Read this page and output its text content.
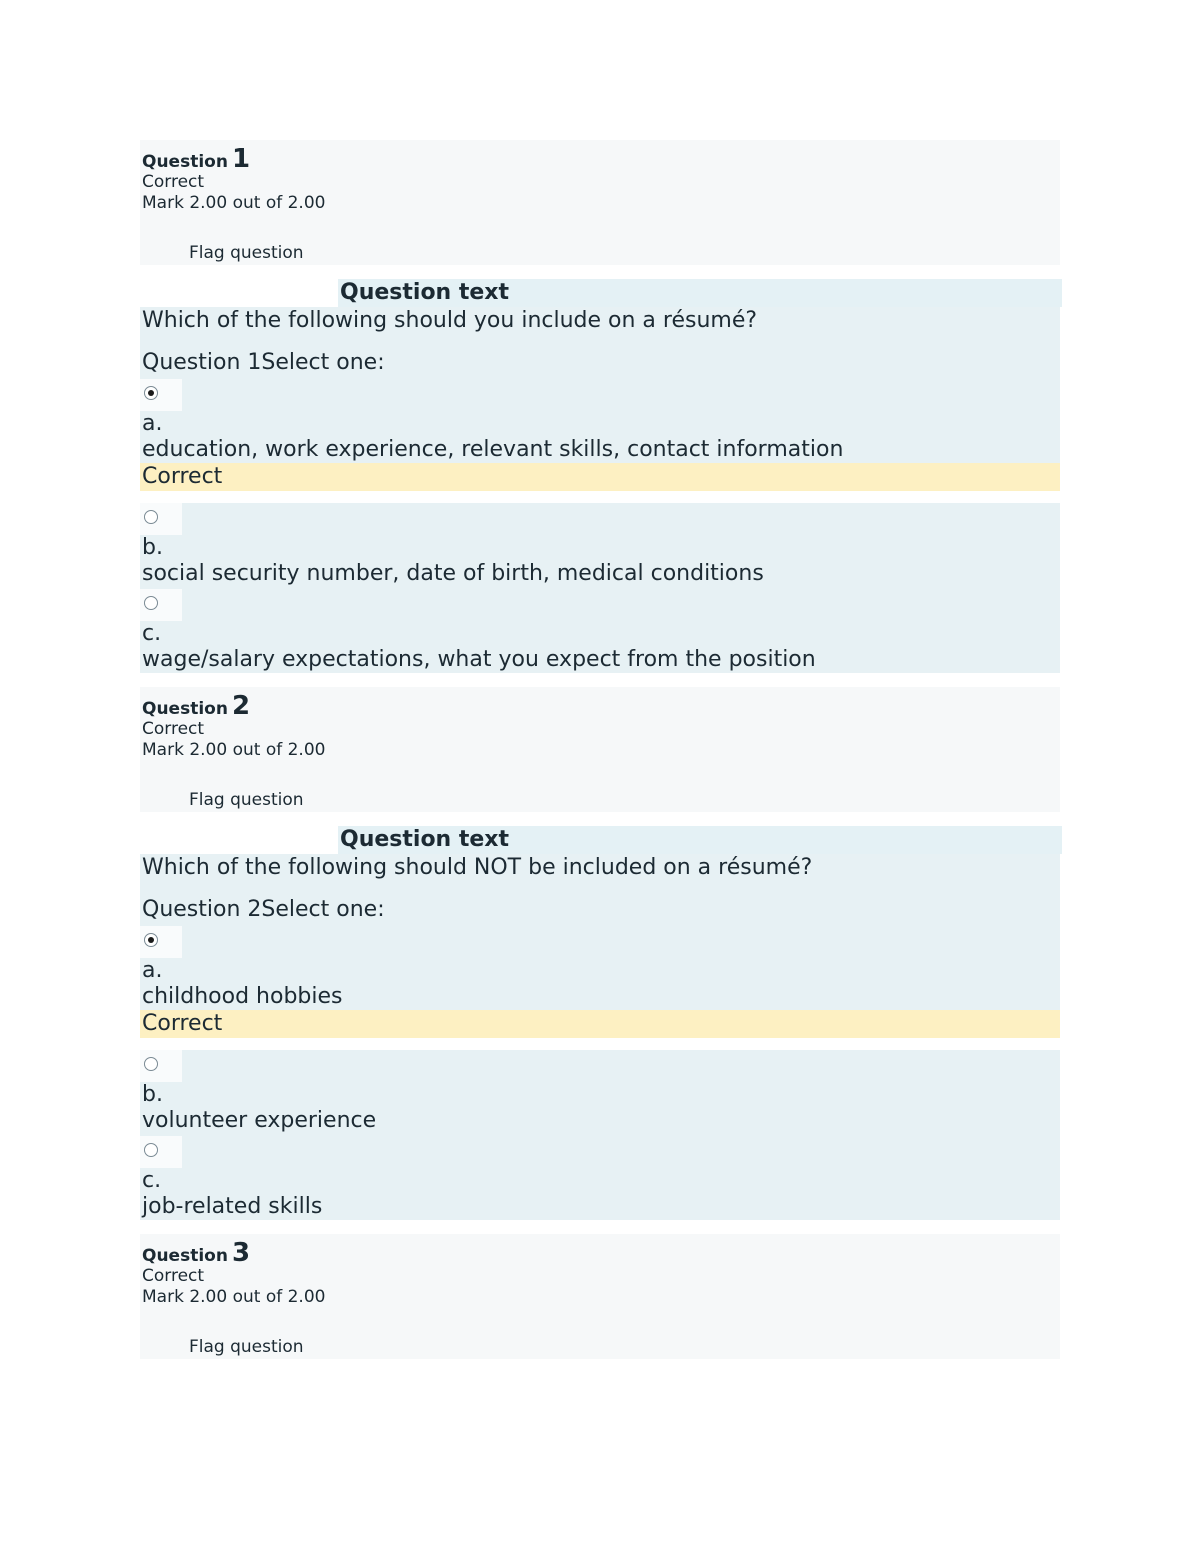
Question 1
Correct
Mark 2.00 out of 2.00
Flag question
Question text
Which of the following should you include on a résumé?
Question 1Select one:
a.
education, work experience, relevant skills, contact information
Correct
b.
social security number, date of birth, medical conditions
c.
wage/salary expectations, what you expect from the position
Question 2
Correct
Mark 2.00 out of 2.00
Flag question
Question text
Which of the following should NOT be included on a résumé?
Question 2Select one:
a.
childhood hobbies
Correct
b.
volunteer experience
c.
job-related skills
Question 3
Correct
Mark 2.00 out of 2.00
Flag question
